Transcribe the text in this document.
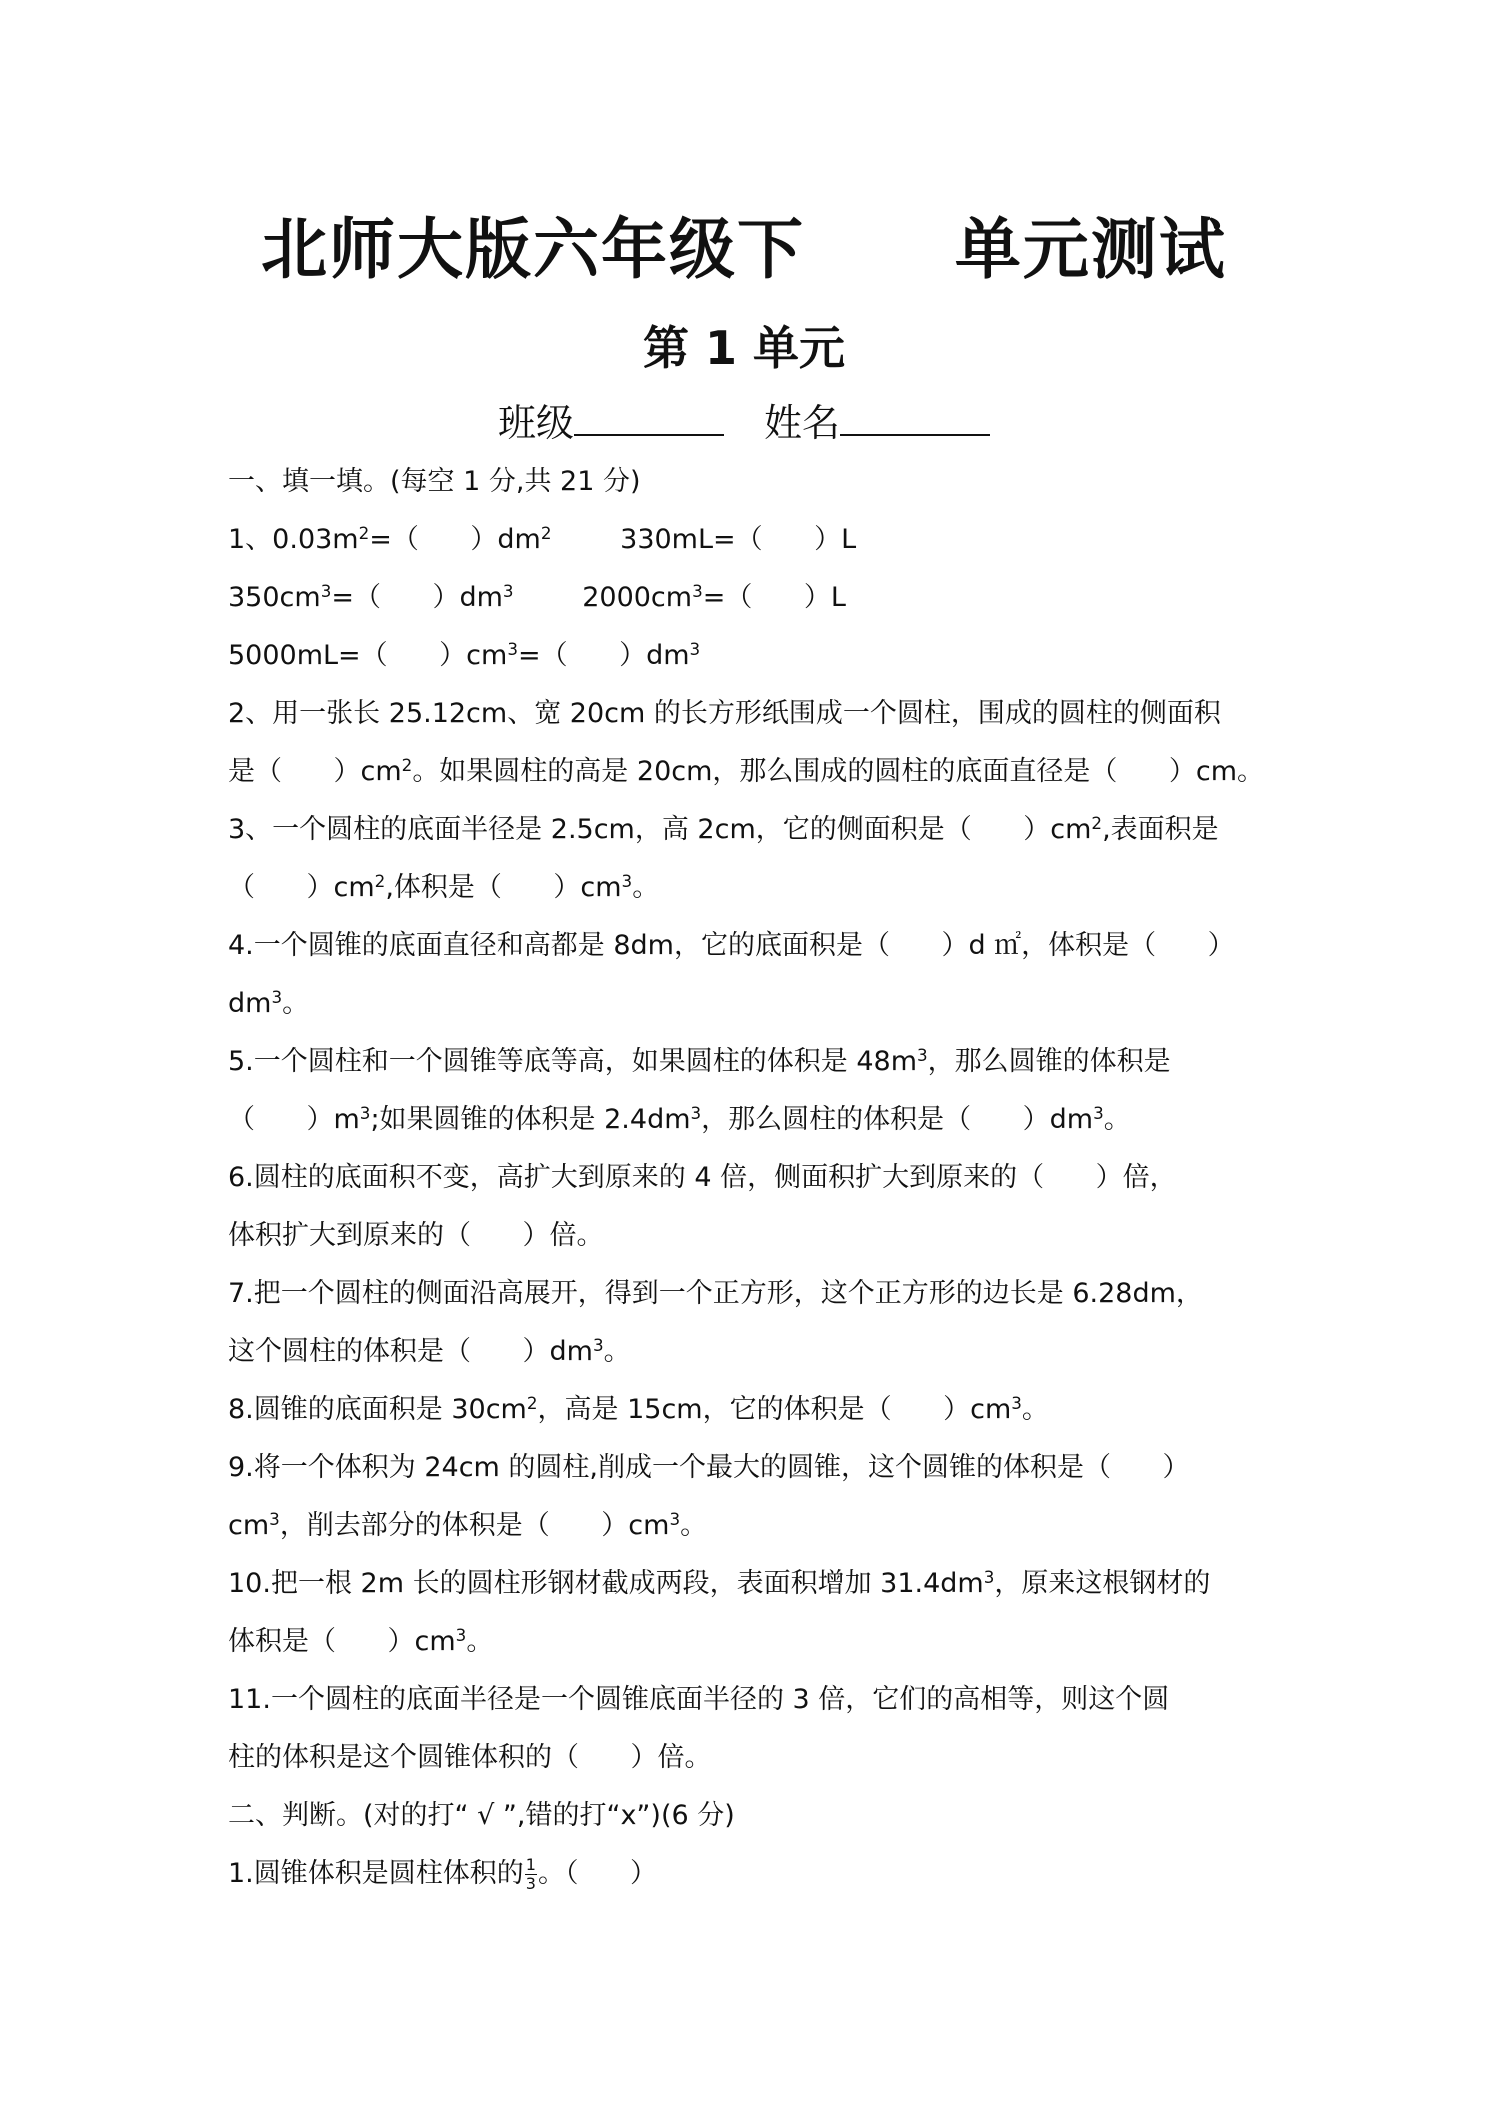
北师大版六年级下      单元测试
第 1 单元
班级	姓名
一、填一填。(每空 1 分,共 21 分)
1、$0.03m^2=$（      ）$dm^2$        330mL=（      ）L
$350cm^3=$（      ）$dm^3$        $2000cm^3=$（      ）L
5000mL=（      ）$cm^3=$（      ）$dm^3$
2、用一张长 25.12cm、宽 20cm 的长方形纸围成一个圆柱，围成的圆柱的侧面积
是（      ）$cm^2$。如果圆柱的高是 20cm，那么围成的圆柱的底面直径是（      ）cm。
3、一个圆柱的底面半径是 2.5cm，高 2cm，它的侧面积是（      ）$cm^2$,表面积是
（      ）$cm^2$,体积是（      ）$cm^3$。
4.一个圆锥的底面直径和高都是 8dm，它的底面积是（      ）d ㎡，体积是（      ）
$dm^3$。
5.一个圆柱和一个圆锥等底等高，如果圆柱的体积是 $48m^3$，那么圆锥的体积是
（      ）$m^3$;如果圆锥的体积是 $2.4dm^3$，那么圆柱的体积是（      ）$dm^3$。
6.圆柱的底面积不变，高扩大到原来的 4 倍，侧面积扩大到原来的（      ）倍，
体积扩大到原来的（      ）倍。
7.把一个圆柱的侧面沿高展开，得到一个正方形，这个正方形的边长是 6.28dm，
这个圆柱的体积是（      ）$dm^3$。
8.圆锥的底面积是 $30cm^2$，高是 15cm，它的体积是（      ）$cm^3$。
9.将一个体积为 24cm 的圆柱,削成一个最大的圆锥，这个圆锥的体积是（      ）
$cm^3$，削去部分的体积是（      ）$cm^3$。
10.把一根 2m 长的圆柱形钢材截成两段，表面积增加 $31.4dm^3$，原来这根钢材的
体积是（      ）$cm^3$。
11.一个圆柱的底面半径是一个圆锥底面半径的 3 倍，它们的高相等，则这个圆
柱的体积是这个圆锥体积的（      ）倍。
二、判断。(对的打“ √ ”,错的打“x”)(6 分)
1.圆锥体积是圆柱体积的 $\frac{1}{3}$ 。（      ）
